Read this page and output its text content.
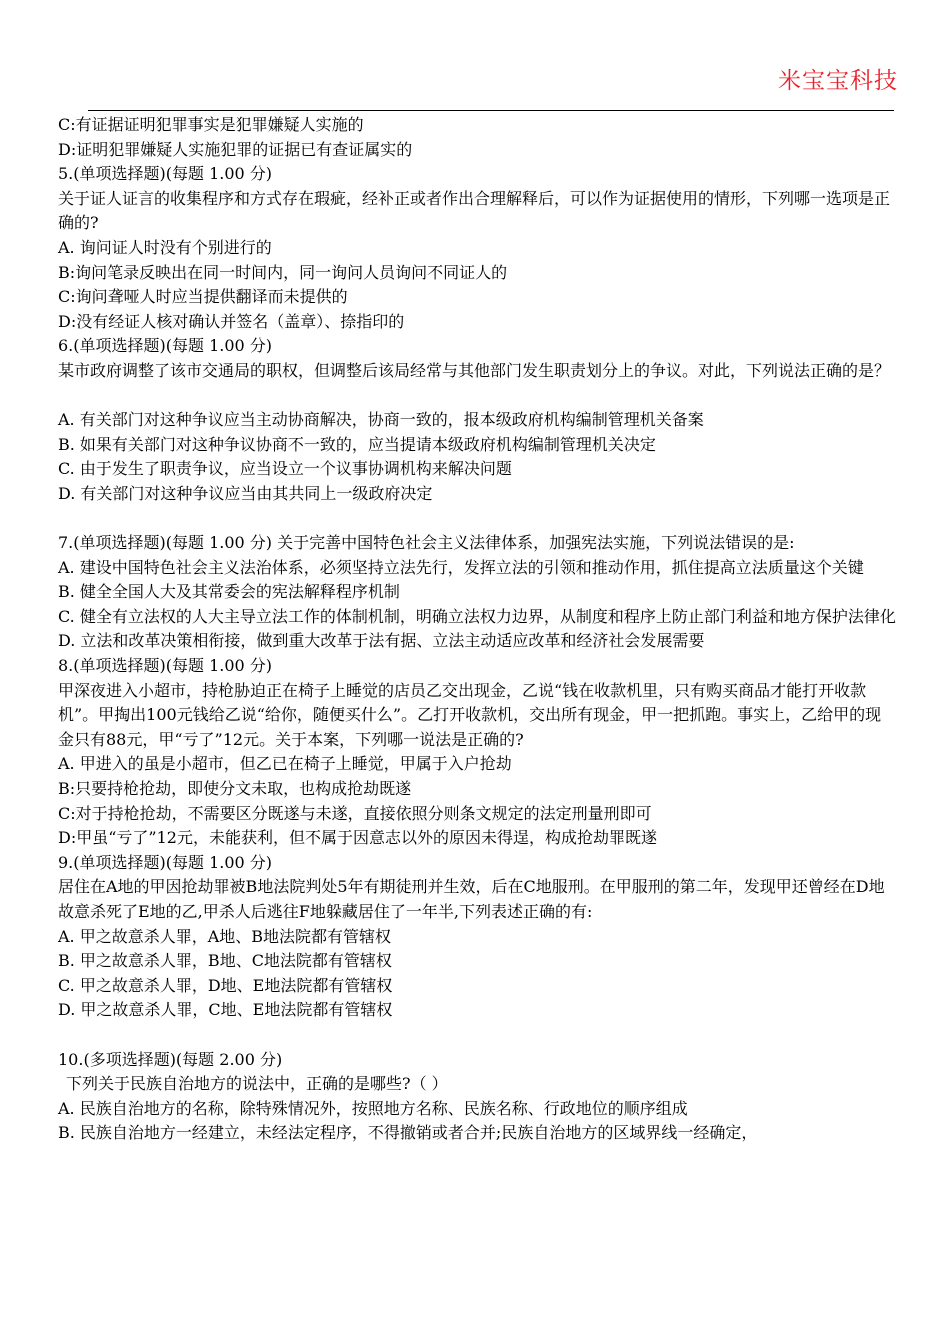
米宝宝科技

C:有证据证明犯罪事实是犯罪嫌疑人实施的

D:证明犯罪嫌疑人实施犯罪的证据已有查证属实的

5.(单项选择题)(每题 1.00 分)

关于证人证言的收集程序和方式存在瑕疵，经补正或者作出合理解释后，可以作为证据使用的情形，下列哪一选项是正确的?

A. 询问证人时没有个别进行的

B:询问笔录反映出在同一时间内，同一询问人员询问不同证人的

C:询问聋哑人时应当提供翻译而未提供的

D:没有经证人核对确认并签名（盖章）、捺指印的

6.(单项选择题)(每题 1.00 分)

某市政府调整了该市交通局的职权，但调整后该局经常与其他部门发生职责划分上的争议。对此，下列说法正确的是？

A. 有关部门对这种争议应当主动协商解决，协商一致的，报本级政府机构编制管理机关备案

B. 如果有关部门对这种争议协商不一致的，应当提请本级政府机构编制管理机关决定

C. 由于发生了职责争议，应当设立一个议事协调机构来解决问题

D. 有关部门对这种争议应当由其共同上一级政府决定

7.(单项选择题)(每题 1.00 分) 关于完善中国特色社会主义法律体系，加强宪法实施，下列说法错误的是:

A. 建设中国特色社会主义法治体系，必须坚持立法先行，发挥立法的引领和推动作用，抓住提高立法质量这个关键

B. 健全全国人大及其常委会的宪法解释程序机制

C. 健全有立法权的人大主导立法工作的体制机制，明确立法权力边界，从制度和程序上防止部门利益和地方保护法律化

D. 立法和改革决策相衔接，做到重大改革于法有据、立法主动适应改革和经济社会发展需要

8.(单项选择题)(每题 1.00 分)

甲深夜进入小超市，持枪胁迫正在椅子上睡觉的店员乙交出现金，乙说“钱在收款机里，只有购买商品才能打开收款机”。甲掏出100元钱给乙说“给你，随便买什么”。乙打开收款机，交出所有现金，甲一把抓跑。事实上，乙给甲的现金只有88元，甲“亏了”12元。关于本案，下列哪一说法是正确的?

A. 甲进入的虽是小超市，但乙已在椅子上睡觉，甲属于入户抢劫

B:只要持枪抢劫，即使分文未取，也构成抢劫既遂

C:对于持枪抢劫，不需要区分既遂与未遂，直接依照分则条文规定的法定刑量刑即可

D:甲虽“亏了”12元，未能获利，但不属于因意志以外的原因未得逞，构成抢劫罪既遂

9.(单项选择题)(每题 1.00 分)

居住在A地的甲因抢劫罪被B地法院判处5年有期徒刑并生效，后在C地服刑。在甲服刑的第二年，发现甲还曾经在D地故意杀死了E地的乙,甲杀人后逃往F地躲藏居住了一年半,下列表述正确的有:

A. 甲之故意杀人罪，A地、B地法院都有管辖权

B. 甲之故意杀人罪，B地、C地法院都有管辖权

C. 甲之故意杀人罪，D地、E地法院都有管辖权

D. 甲之故意杀人罪，C地、E地法院都有管辖权

10.(多项选择题)(每题 2.00 分)

下列关于民族自治地方的说法中，正确的是哪些?（ ）

A. 民族自治地方的名称，除特殊情况外，按照地方名称、民族名称、行政地位的顺序组成

B. 民族自治地方一经建立，未经法定程序，不得撤销或者合并;民族自治地方的区域界线一经确定，
